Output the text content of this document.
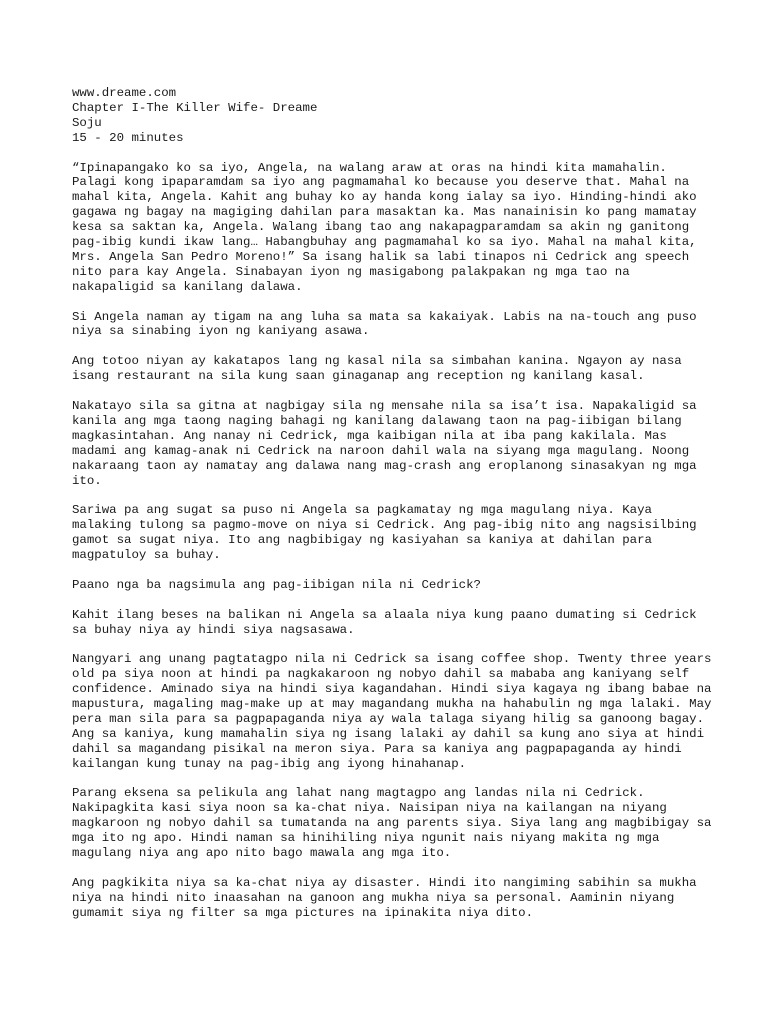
www.dreame.com
Chapter I-The Killer Wife- Dreame
Soju
15 - 20 minutes

“Ipinapangako ko sa iyo, Angela, na walang araw at oras na hindi kita mamahalin. Palagi kong ipaparamdam sa iyo ang pagmamahal ko because you deserve that. Mahal na mahal kita, Angela. Kahit ang buhay ko ay handa kong ialay sa iyo. Hinding-hindi ako gagawa ng bagay na magiging dahilan para masaktan ka. Mas nanainisin ko pang mamatay kesa sa saktan ka, Angela. Walang ibang tao ang nakapagparamdam sa akin ng ganitong pag-ibig kundi ikaw lang… Habangbuhay ang pagmamahal ko sa iyo. Mahal na mahal kita, Mrs. Angela San Pedro Moreno!” Sa isang halik sa labi tinapos ni Cedrick ang speech nito para kay Angela. Sinabayan iyon ng masigabong palakpakan ng mga tao na nakapaligid sa kanilang dalawa.

Si Angela naman ay tigam na ang luha sa mata sa kakaiyak. Labis na na-touch ang puso niya sa sinabing iyon ng kaniyang asawa.

Ang totoo niyan ay kakatapos lang ng kasal nila sa simbahan kanina. Ngayon ay nasa isang restaurant na sila kung saan ginaganap ang reception ng kanilang kasal.

Nakatayo sila sa gitna at nagbigay sila ng mensahe nila sa isa’t isa. Napakaligid sa kanila ang mga taong naging bahagi ng kanilang dalawang taon na pag-iibigan bilang magkasintahan. Ang nanay ni Cedrick, mga kaibigan nila at iba pang kakilala. Mas madami ang kamag-anak ni Cedrick na naroon dahil wala na siyang mga magulang. Noong nakaraang taon ay namatay ang dalawa nang mag-crash ang eroplanong sinasakyan ng mga ito.

Sariwa pa ang sugat sa puso ni Angela sa pagkamatay ng mga magulang niya. Kaya malaking tulong sa pagmo-move on niya si Cedrick. Ang pag-ibig nito ang nagsisilbing gamot sa sugat niya. Ito ang nagbibigay ng kasiyahan sa kaniya at dahilan para magpatuloy sa buhay.

Paano nga ba nagsimula ang pag-iibigan nila ni Cedrick?

Kahit ilang beses na balikan ni Angela sa alaala niya kung paano dumating si Cedrick sa buhay niya ay hindi siya nagsasawa.

Nangyari ang unang pagtatagpo nila ni Cedrick sa isang coffee shop. Twenty three years old pa siya noon at hindi pa nagkakaroon ng nobyo dahil sa mababa ang kaniyang self confidence. Aminado siya na hindi siya kagandahan. Hindi siya kagaya ng ibang babae na mapustura, magaling mag-make up at may magandang mukha na hahabulin ng mga lalaki. May pera man sila para sa pagpapaganda niya ay wala talaga siyang hilig sa ganoong bagay. Ang sa kaniya, kung mamahalin siya ng isang lalaki ay dahil sa kung ano siya at hindi dahil sa magandang pisikal na meron siya. Para sa kaniya ang pagpapaganda ay hindi kailangan kung tunay na pag-ibig ang iyong hinahanap.

Parang eksena sa pelikula ang lahat nang magtagpo ang landas nila ni Cedrick. Nakipagkita kasi siya noon sa ka-chat niya. Naisipan niya na kailangan na niyang magkaroon ng nobyo dahil sa tumatanda na ang parents siya. Siya lang ang magbibigay sa mga ito ng apo. Hindi naman sa hinihiling niya ngunit nais niyang makita ng mga magulang niya ang apo nito bago mawala ang mga ito.

Ang pagkikita niya sa ka-chat niya ay disaster. Hindi ito nangiming sabihin sa mukha niya na hindi nito inaasahan na ganoon ang mukha niya sa personal. Aaminin niyang gumamit siya ng filter sa mga pictures na ipinakita niya dito.
